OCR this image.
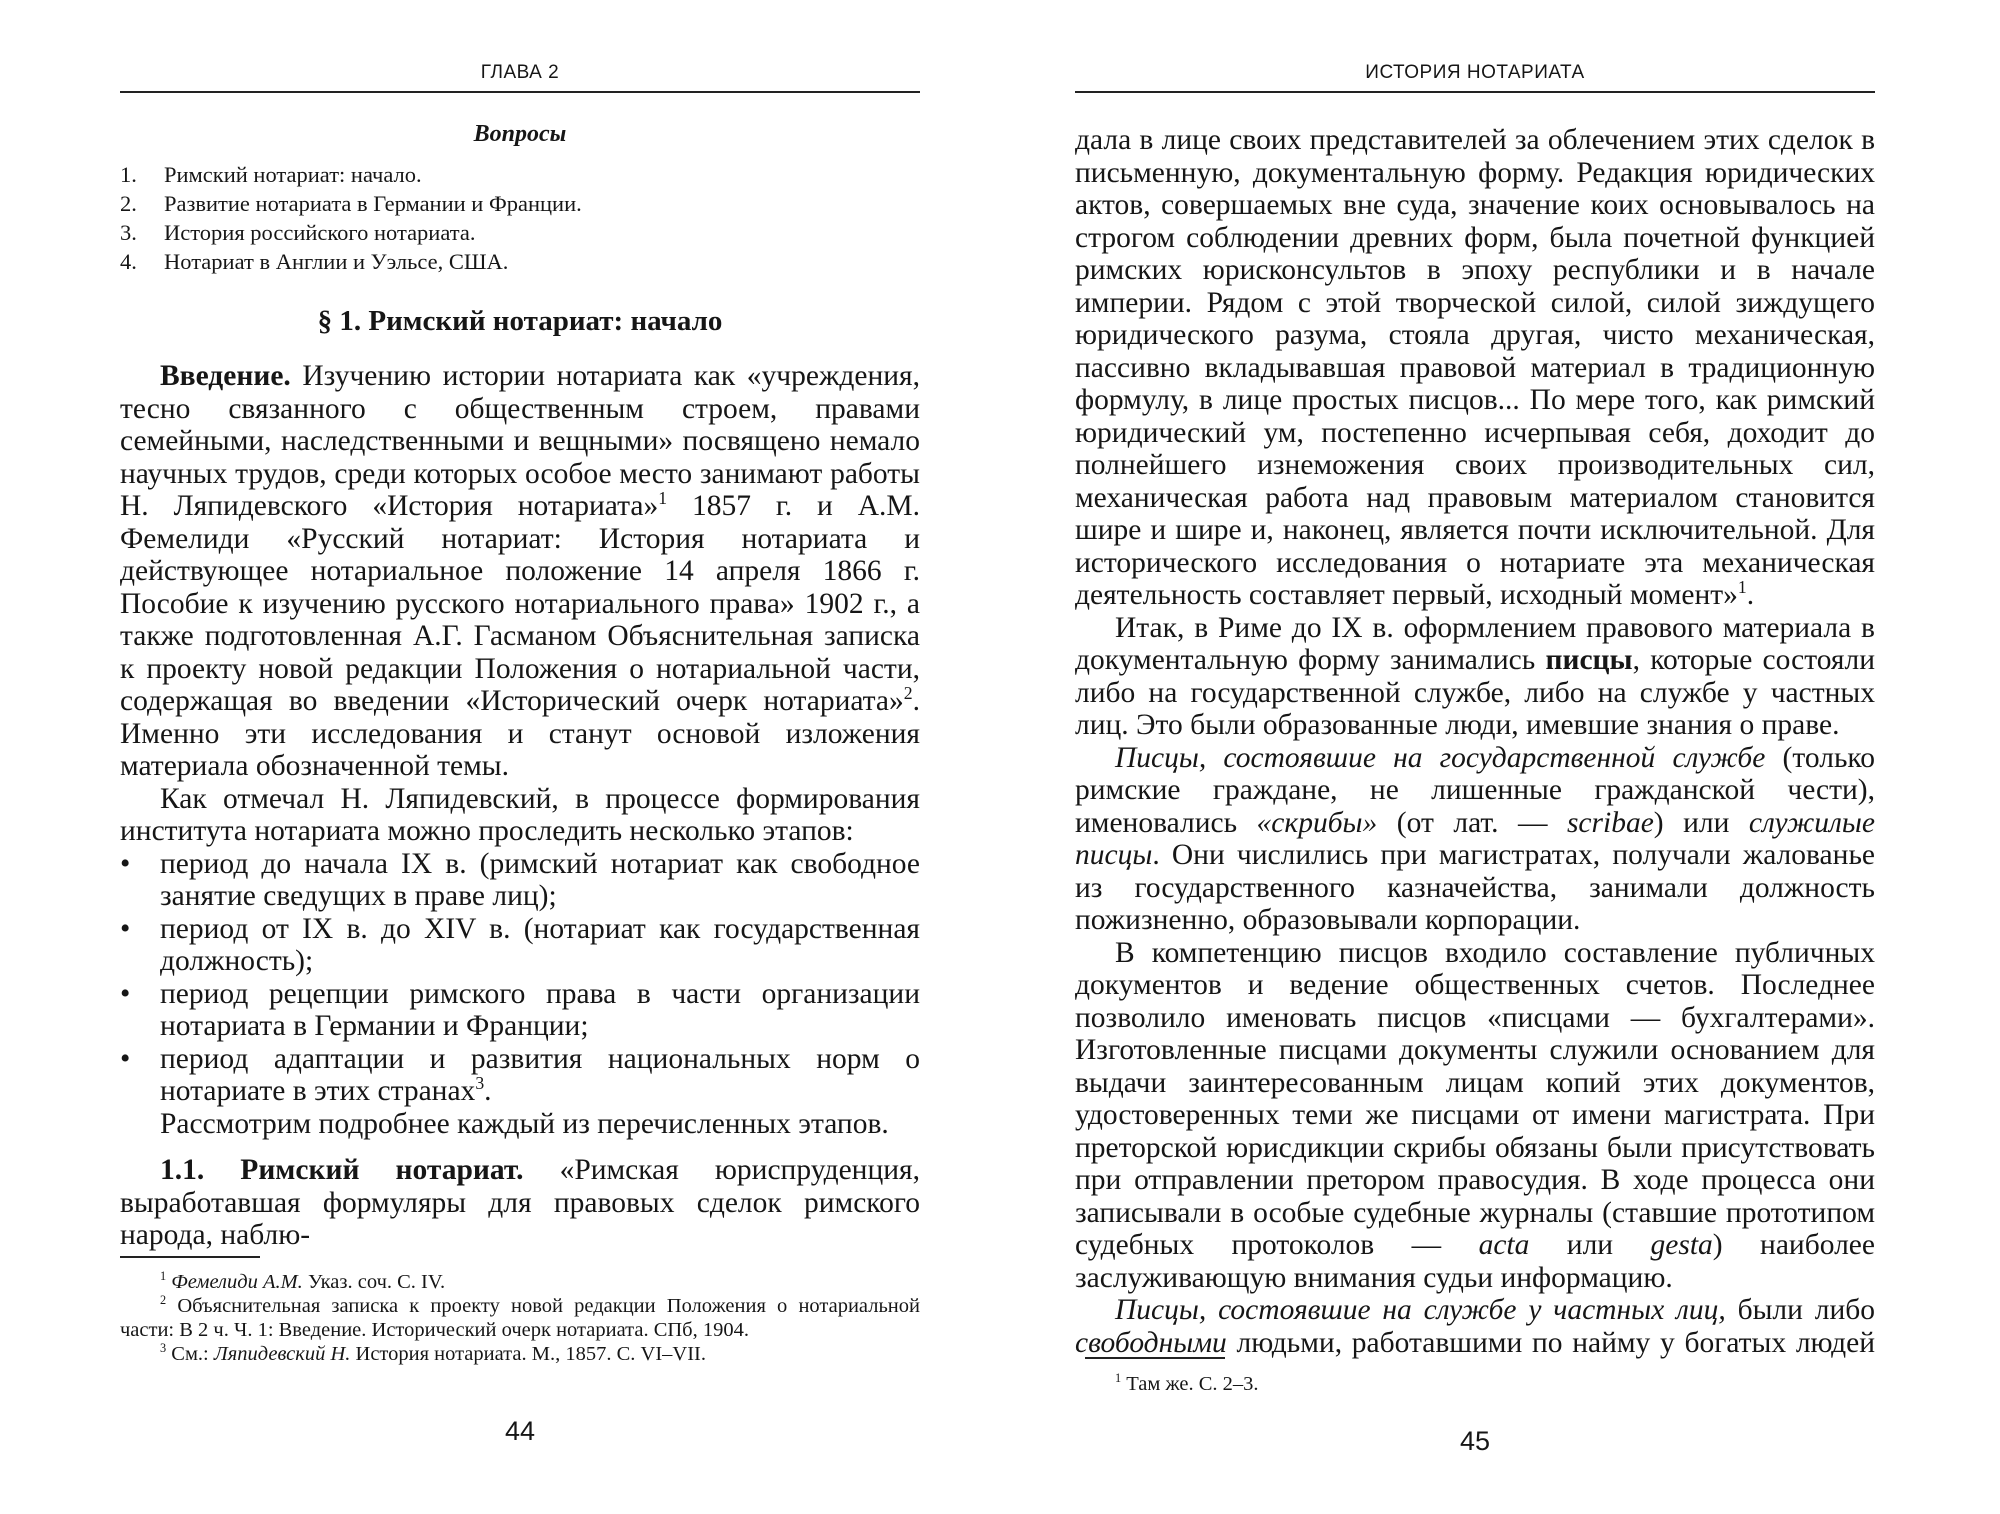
ГЛАВА 2
Вопросы
1. Римский нотариат: начало.
2. Развитие нотариата в Германии и Франции.
3. История российского нотариата.
4. Нотариат в Англии и Уэльсе, США.
§ 1. Римский нотариат: начало

Введение. Изучению истории нотариата как «учреждения, тесно связанного с общественным строем, правами семейными, наследственными и вещными» посвящено немало научных трудов, среди которых особое место занимают работы Н. Ляпидевского «История нотариата»$^1$ 1857 г. и А.М. Фемелиди «Русский нотариат: История нотариата и действующее нотариальное положение 14 апреля 1866 г. Пособие к изучению русского нотариального права» 1902 г., а также подготовленная А.Г. Гасманом Объяснительная записка к проекту новой редакции Положения о нотариальной части, содержащая во введении «Исторический очерк нотариата»$^2$. Именно эти исследования и станут основой изложения материала обозначенной темы.

Как отмечал Н. Ляпидевский, в процессе формирования института нотариата можно проследить несколько этапов:

• период до начала IX в. (римский нотариат как свободное занятие сведущих в праве лиц);
• период от IX в. до XIV в. (нотариат как государственная должность);
• период рецепции римского права в части организации нотариата в Германии и Франции;
• период адаптации и развития национальных норм о нотариате в этих странах$^3$.

Рассмотрим подробнее каждый из перечисленных этапов.

1.1. Римский нотариат. «Римская юриспруденция, выработавшая формуляры для правовых сделок римского народа, наблю-

$^1$ Фемелиди А.М. Указ. соч. С. IV.

$^2$ Объяснительная записка к проекту новой редакции Положения о нотариальной части: В 2 ч. Ч. 1: Введение. Исторический очерк нотариата. СПб, 1904.

$^3$ См.: Ляпидевский Н. История нотариата. М., 1857. С. VI–VII.

44
ИСТОРИЯ НОТАРИАТА

дала в лице своих представителей за облечением этих сделок в письменную, документальную форму. Редакция юридических актов, совершаемых вне суда, значение коих основывалось на строгом соблюдении древних форм, была почетной функцией римских юрисконсультов в эпоху республики и в начале империи. Рядом с этой творческой силой, силой зиждущего юридического разума, стояла другая, чисто механическая, пассивно вкладывавшая правовой материал в традиционную формулу, в лице простых писцов... По мере того, как римский юридический ум, постепенно исчерпывая себя, доходит до полнейшего изнеможения своих производительных сил, механическая работа над правовым материалом становится шире и шире и, наконец, является почти исключительной. Для исторического исследования о нотариате эта механическая деятельность составляет первый, исходный момент»$^1$.

Итак, в Риме до IX в. оформлением правового материала в документальную форму занимались писцы, которые состояли либо на государственной службе, либо на службе у частных лиц. Это были образованные люди, имевшие знания о праве.

Писцы, состоявшие на государственной службе (только римские граждане, не лишенные гражданской чести), именовались «скрибы» (от лат. — scribae) или служилые писцы. Они числились при магистратах, получали жалованье из государственного казначейства, занимали должность пожизненно, образовывали корпорации.

В компетенцию писцов входило составление публичных документов и ведение общественных счетов. Последнее позволило именовать писцов «писцами — бухгалтерами». Изготовленные писцами документы служили основанием для выдачи заинтересованным лицам копий этих документов, удостоверенных теми же писцами от имени магистрата. При преторской юрисдикции скрибы обязаны были присутствовать при отправлении претором правосудия. В ходе процесса они записывали в особые судебные журналы (ставшие прототипом судебных протоколов — acta или gesta) наиболее заслуживающую внимания судьи информацию.

Писцы, состоявшие на службе у частных лиц, были либо свободными людьми, работавшими по найму у богатых людей

$^1$ Там же. С. 2–3.

45
